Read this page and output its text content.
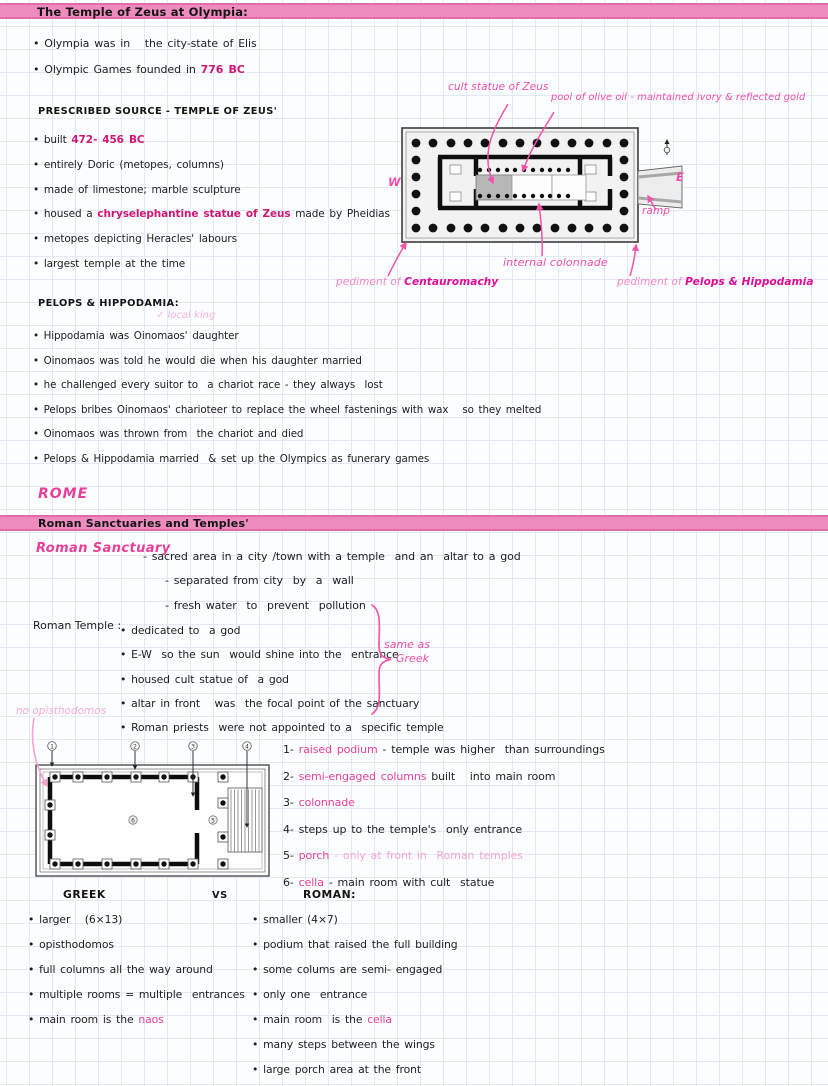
The Temple of Zeus at Olympia:
• Olympia was in   the city-state of Elis
• Olympic Games founded in 776 BC
PRESCRIBED SOURCE - TEMPLE OF ZEUS'
• built 472- 456 BC
• entirely Doric (metopes, columns)
• made of limestone; marble sculpture
• housed a chryselephantine statue of Zeus made by Pheidias
• metopes depicting Heracles' labours
• largest temple at the time
cult statue of Zeus
pool of olive oil - maintained ivory & reflected gold
W	E
ramp
internal colonnade
pediment of Centauromachy	pediment of Pelops & Hippodamia
PELOPS & HIPPODAMIA:
✓ local king
• Hippodamia was Oinomaos' daughter
• Oinomaos was told he would die when his daughter married
• he challenged every suitor to  a chariot race - they always  lost
• Pelops bribes Oinomaos' charioteer to replace the wheel fastenings with wax   so they melted
• Oinomaos was thrown from  the chariot and died
• Pelops & Hippodamia married  & set up the Olympics as funerary games
ROME
Roman Sanctuaries and Temples'
Roman Sanctuary
- sacred area in a city /town with a temple  and an  altar to a god
- separated from city  by  a  wall
- fresh water  to  prevent  pollution
Roman Temple :
• dedicated to  a god
• E-W  so the sun  would shine into the  entrance
• housed cult statue of  a god
• altar in front   was  the focal point of the sanctuary
• Roman priests  were not appointed to a  specific temple
same as
Greek
no opisthodomos
6	5
1	2	3	4	1- raised podium - temple was higher  than surroundings
2- semi-engaged columns built   into main room
3- colonnade
4- steps up to the temple's  only entrance
5- porch - only at front in  Roman temples
6- cella - main room with cult  statue
GREEK	VS	ROMAN:
• larger   (6×13)
• opisthodomos
• full columns all the way around
• multiple rooms = multiple  entrances
• main room is the naos
• smaller (4×7)
• podium that raised the full building
• some colums are semi- engaged
• only one  entrance
• main room  is the cella
• many steps between the wings
• large porch area at the front
